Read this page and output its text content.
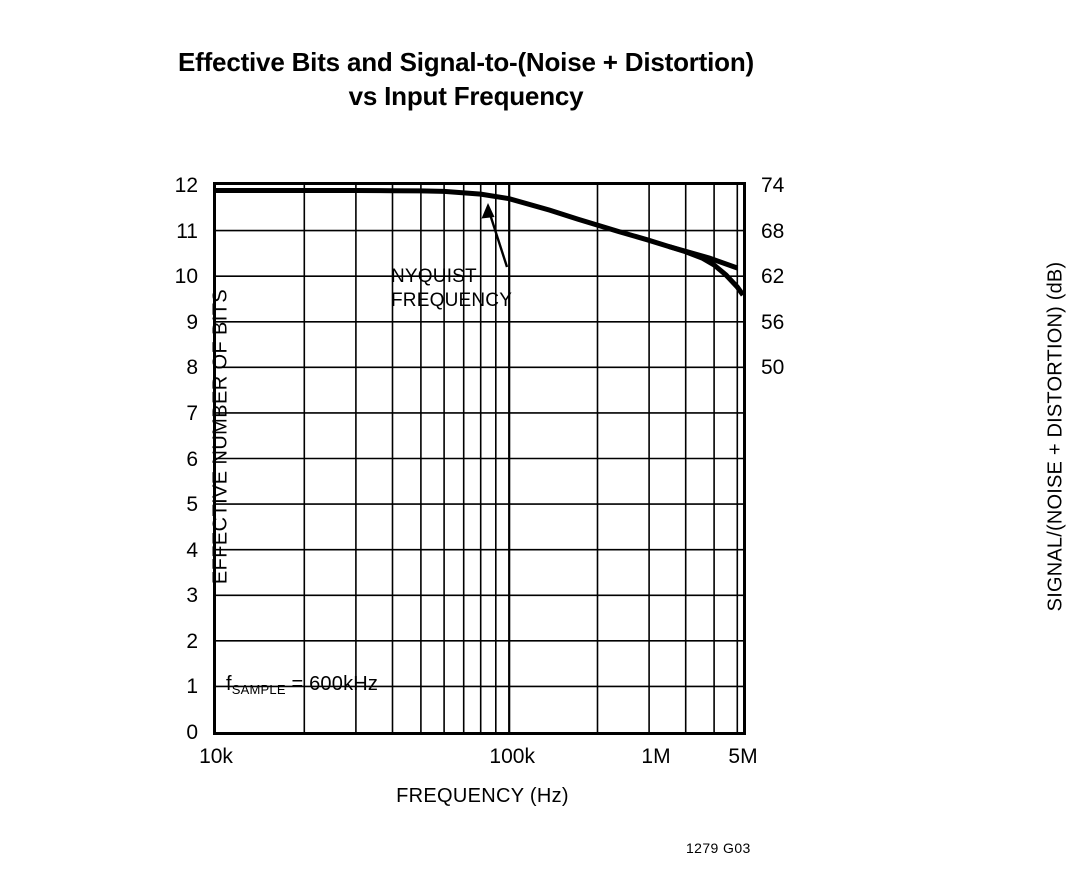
Effective Bits and Signal-to-(Noise + Distortion)
vs Input Frequency
12
11
10
9
8
7
6
5
4
3
2
1
0
74
68
62
56
50
10k	100k	1M	5M
NYQUIST
FREQUENCY
$f_{SAMPLE} = 600kHz$
EFFECTIVE NUMBER OF BITS	SIGNAL/(NOISE + DISTORTION) (dB)
FREQUENCY (Hz)
1279 G03
